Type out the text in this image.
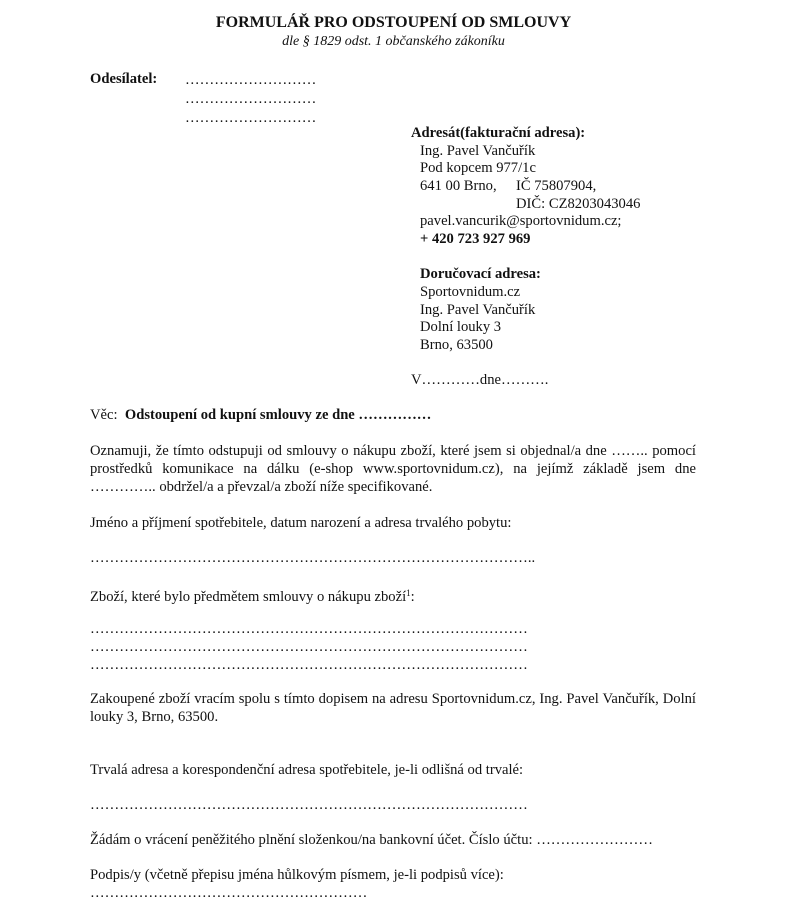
FORMULÁŘ PRO ODSTOUPENÍ OD SMLOUVY
dle § 1829 odst. 1 občanského zákoníku
Odesílatel: ………………………
………………………
………………………
Adresát(fakturační adresa):
Ing. Pavel Vančuřík
Pod kopcem 977/1c
641 00 Brno, IČ 75807904,
DIČ: CZ8203043046
pavel.vancurik@sportovnidum.cz;
+ 420 723 927 969
Doručovací adresa:
Sportovnidum.cz
Ing. Pavel Vančuřík
Dolní louky 3
Brno, 63500
V…………dne……….
Věc: Odstoupení od kupní smlouvy ze dne ……………
Oznamuji, že tímto odstupuji od smlouvy o nákupu zboží, které jsem si objednal/a dne …….. pomocí prostředků komunikace na dálku (e-shop www.sportovnidum.cz), na jejímž základě jsem dne ………….. obdržel/a a převzal/a zboží níže specifikované.
Jméno a příjmení spotřebitele, datum narození a adresa trvalého pobytu:
………………………………………………………………………………..
Zboží, které bylo předmětem smlouvy o nákupu zboží$^1$:
………………………………………………………………………………
………………………………………………………………………………
………………………………………………………………………………
Zakoupené zboží vracím spolu s tímto dopisem na adresu Sportovnidum.cz, Ing. Pavel Vančuřík, Dolní louky 3, Brno, 63500.
Trvalá adresa a korespondenční adresa spotřebitele, je-li odlišná od trvalé:
………………………………………………………………………………
Žádám o vrácení peněžitého plnění složenkou/na bankovní účet. Číslo účtu: ……………………
Podpis/y (včetně přepisu jména hůlkovým písmem, je-li podpisů více):
…………………………………………………
